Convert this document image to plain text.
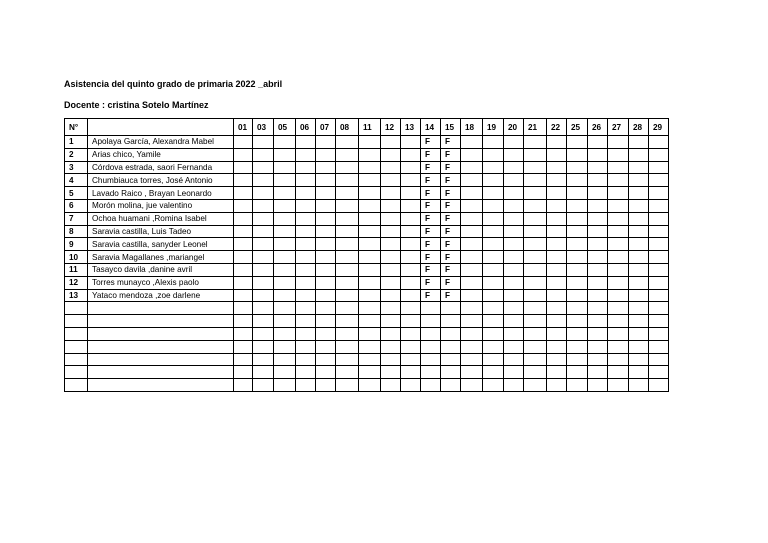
Asistencia del quinto grado de primaria 2022 _abril
Docente : cristina Sotelo Martínez
N°		01	03	05	06	07	08	11	12	13	14	15	18	19	20	21	22	25	26	27	28	29
1	Apolaya García, Alexandra Mabel										F	F										
2	Arias chico, Yamile										F	F										
3	Córdova estrada, saori Fernanda										F	F										
4	Chumbiauca torres, José Antonio										F	F										
5	Lavado Raico , Brayan Leonardo										F	F										
6	Morón molina, jue valentino										F	F										
7	Ochoa huamani ,Romina Isabel										F	F										
8	Saravia castilla, Luis Tadeo										F	F										
9	Saravia castilla, sanyder Leonel										F	F										
10	Saravia Magallanes ,mariangel										F	F										
11	Tasayco davila ,danine avril										F	F										
12	Torres munayco ,Alexis paolo										F	F										
13	Yataco mendoza ,zoe darlene										F	F										
